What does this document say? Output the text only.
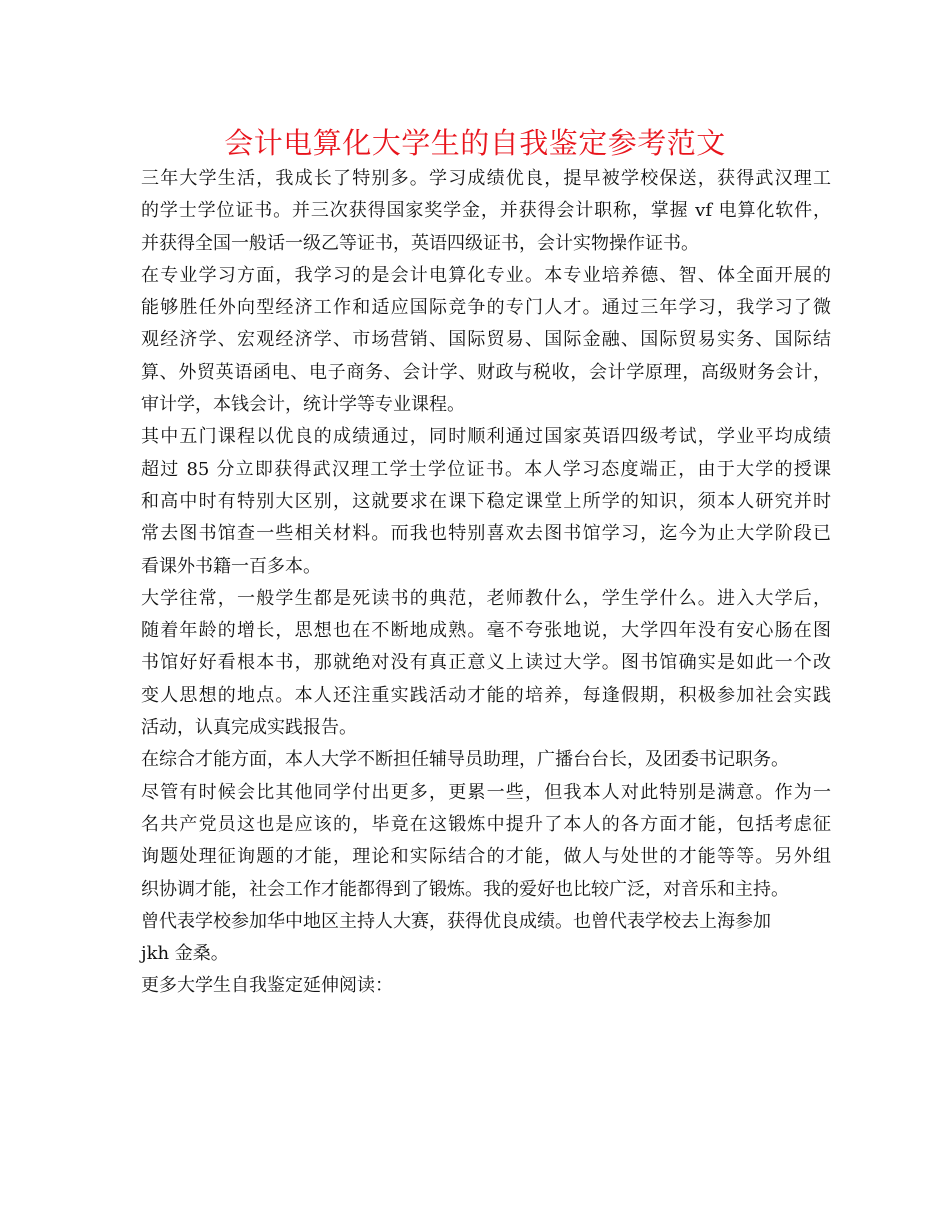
会计电算化大学生的自我鉴定参考范文
三年大学生活，我成长了特别多。学习成绩优良，提早被学校保送，获得武汉理工
的学士学位证书。并三次获得国家奖学金，并获得会计职称，掌握 vf 电算化软件，
并获得全国一般话一级乙等证书，英语四级证书，会计实物操作证书。
在专业学习方面，我学习的是会计电算化专业。本专业培养德、智、体全面开展的
能够胜任外向型经济工作和适应国际竞争的专门人才。通过三年学习，我学习了微
观经济学、宏观经济学、市场营销、国际贸易、国际金融、国际贸易实务、国际结
算、外贸英语函电、电子商务、会计学、财政与税收，会计学原理，高级财务会计，
审计学，本钱会计，统计学等专业课程。
其中五门课程以优良的成绩通过，同时顺利通过国家英语四级考试，学业平均成绩
超过 85 分立即获得武汉理工学士学位证书。本人学习态度端正，由于大学的授课
和高中时有特别大区别，这就要求在课下稳定课堂上所学的知识，须本人研究并时
常去图书馆查一些相关材料。而我也特别喜欢去图书馆学习，迄今为止大学阶段已
看课外书籍一百多本。
大学往常，一般学生都是死读书的典范，老师教什么，学生学什么。进入大学后，
随着年龄的增长，思想也在不断地成熟。毫不夸张地说，大学四年没有安心肠在图
书馆好好看根本书，那就绝对没有真正意义上读过大学。图书馆确实是如此一个改
变人思想的地点。本人还注重实践活动才能的培养，每逢假期，积极参加社会实践
活动，认真完成实践报告。
在综合才能方面，本人大学不断担任辅导员助理，广播台台长，及团委书记职务。
尽管有时候会比其他同学付出更多，更累一些，但我本人对此特别是满意。作为一
名共产党员这也是应该的，毕竟在这锻炼中提升了本人的各方面才能，包括考虑征
询题处理征询题的才能，理论和实际结合的才能，做人与处世的才能等等。另外组
织协调才能，社会工作才能都得到了锻炼。我的爱好也比较广泛，对音乐和主持。
曾代表学校参加华中地区主持人大赛，获得优良成绩。也曾代表学校去上海参加
jkh 金桑。
更多大学生自我鉴定延伸阅读：
